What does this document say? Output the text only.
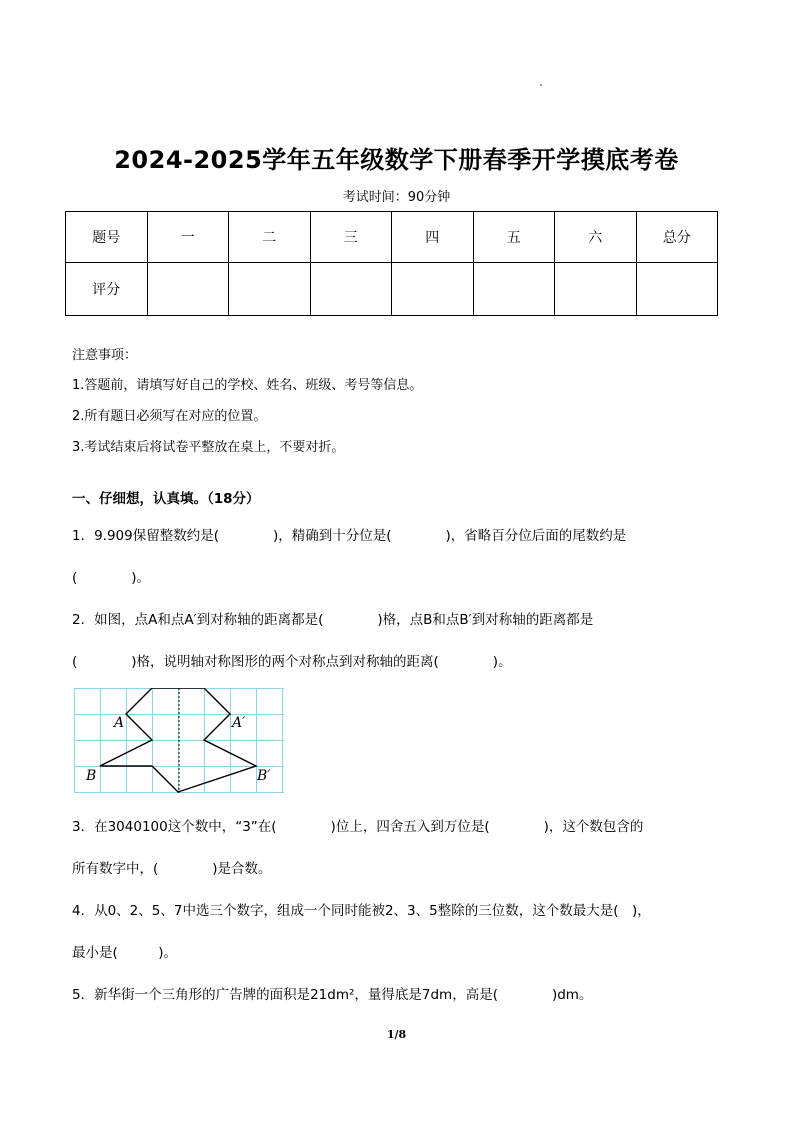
2024-2025学年五年级数学下册春季开学摸底考卷
考试时间：90分钟
题号	一	二	三	四	五	六	总分
评分							
注意事项：
1.答题前，请填写好自己的学校、姓名、班级、考号等信息。
2.所有题日必须写在对应的位置。
3.考试结束后将试卷平整放在桌上，不要对折。
一、仔细想，认真填。（18分）
1．9.909保留整数约是(　　　　)，精确到十分位是(　　　　)，省略百分位后面的尾数约是
(　　　　)。
2．如图，点A和点A′到对称轴的距离都是(　　　　)格，点B和点B′到对称轴的距离都是
(　　　　)格，说明轴对称图形的两个对称点到对称轴的距离(　　　　)。
A	A′
B	B′
3．在3040100这个数中，“3”在(　　　　)位上，四舍五入到万位是(　　　　)，这个数包含的
所有数字中，(　　　　)是合数。
4．从0、2、5、7中选三个数字，组成一个同时能被2、3、5整除的三位数，这个数最大是(　)，
最小是(　　　)。
5．新华街一个三角形的广告牌的面积是21dm²，量得底是7dm，高是(　　　　)dm。
1/8
